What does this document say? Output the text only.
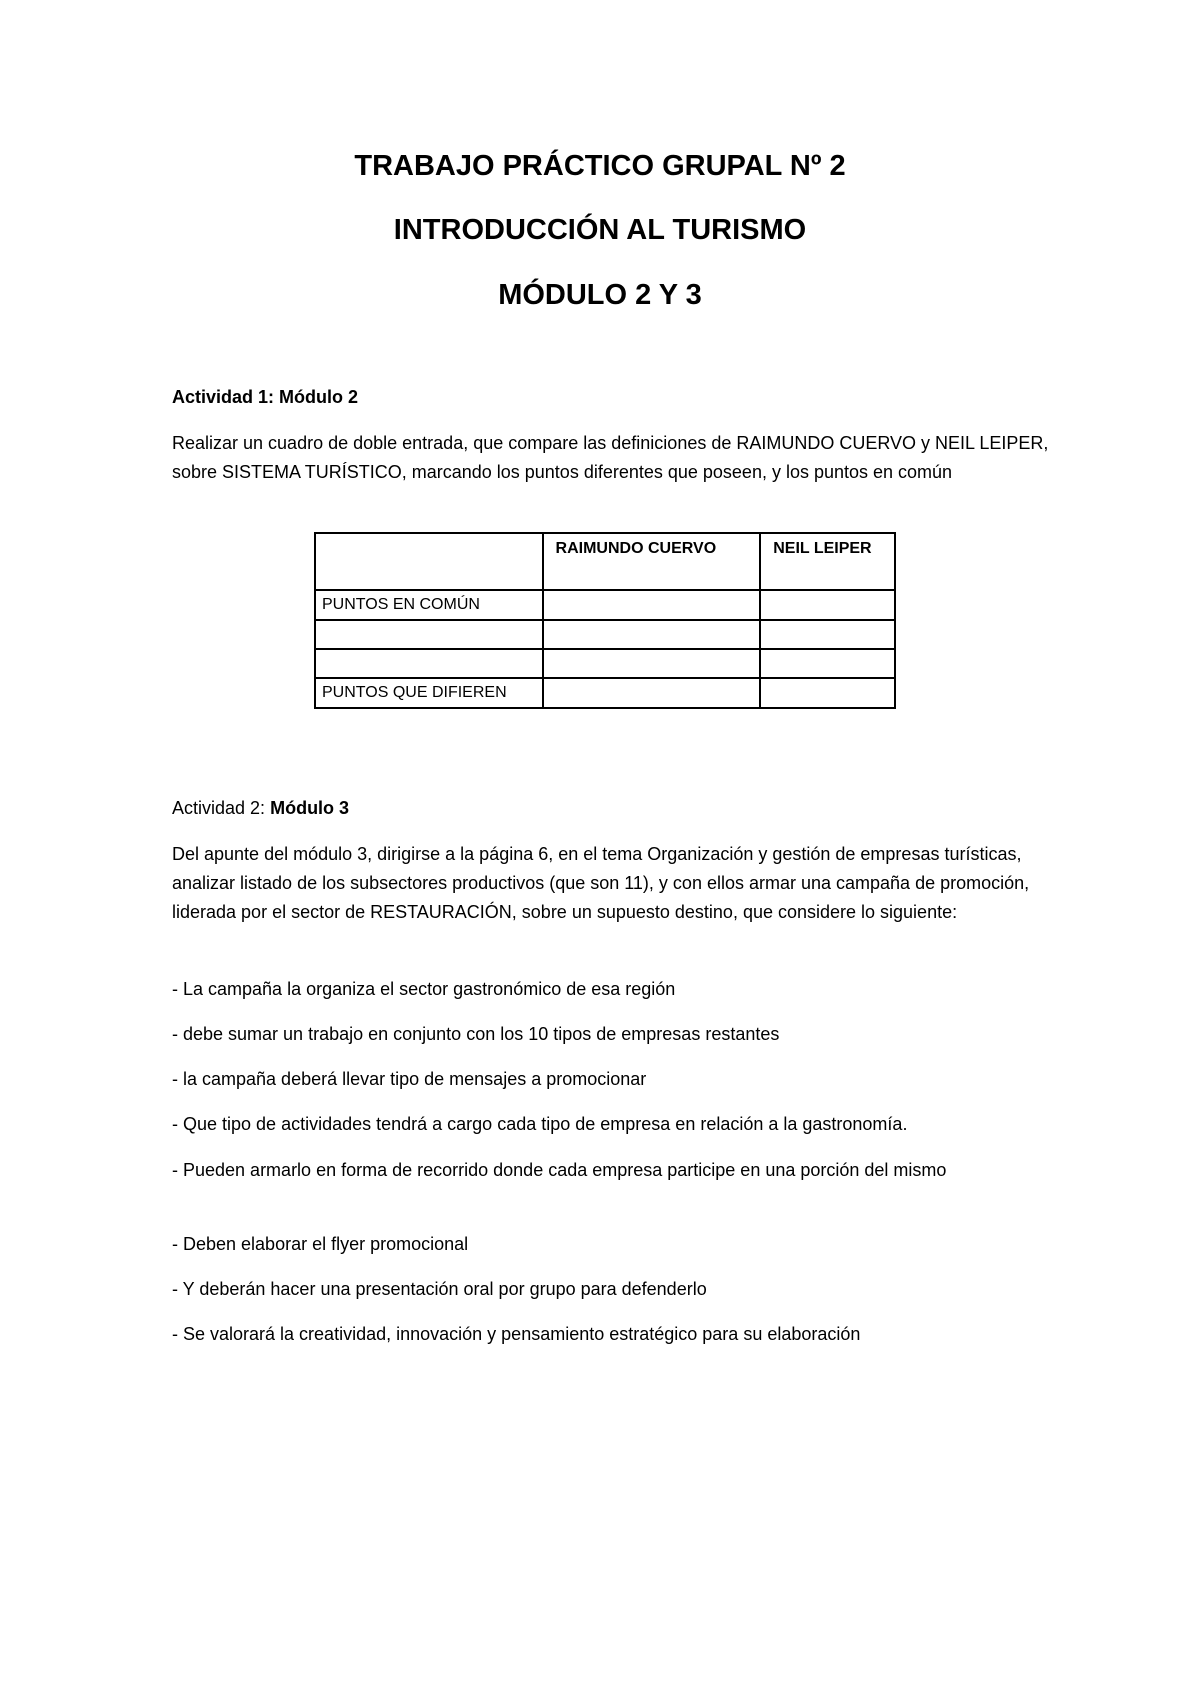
TRABAJO PRÁCTICO GRUPAL Nº 2
INTRODUCCIÓN AL TURISMO
MÓDULO 2 Y 3
Actividad 1: Módulo 2

Realizar un cuadro de doble entrada, que compare las definiciones de RAIMUNDO CUERVO y NEIL LEIPER, sobre SISTEMA TURÍSTICO, marcando los puntos diferentes que poseen, y los puntos en común

	RAIMUNDO CUERVO	NEIL LEIPER
PUNTOS EN COMÚN		

PUNTOS QUE DIFIEREN		
Actividad 2: Módulo 3

Del apunte del módulo 3, dirigirse a la página 6, en el tema Organización y gestión de empresas turísticas, analizar listado de los subsectores productivos (que son 11), y con ellos armar una campaña de promoción, liderada por el sector de RESTAURACIÓN, sobre un supuesto destino, que considere lo siguiente:

- La campaña la organiza el sector gastronómico de esa región

- debe sumar un trabajo en conjunto con los 10 tipos de empresas restantes

- la campaña deberá llevar tipo de mensajes a promocionar

- Que tipo de actividades tendrá a cargo cada tipo de empresa en relación a la gastronomía.

- Pueden armarlo en forma de recorrido donde cada empresa participe en una porción del mismo

- Deben elaborar el flyer promocional

- Y deberán hacer una presentación oral por grupo para defenderlo

- Se valorará la creatividad, innovación y pensamiento estratégico para su elaboración
